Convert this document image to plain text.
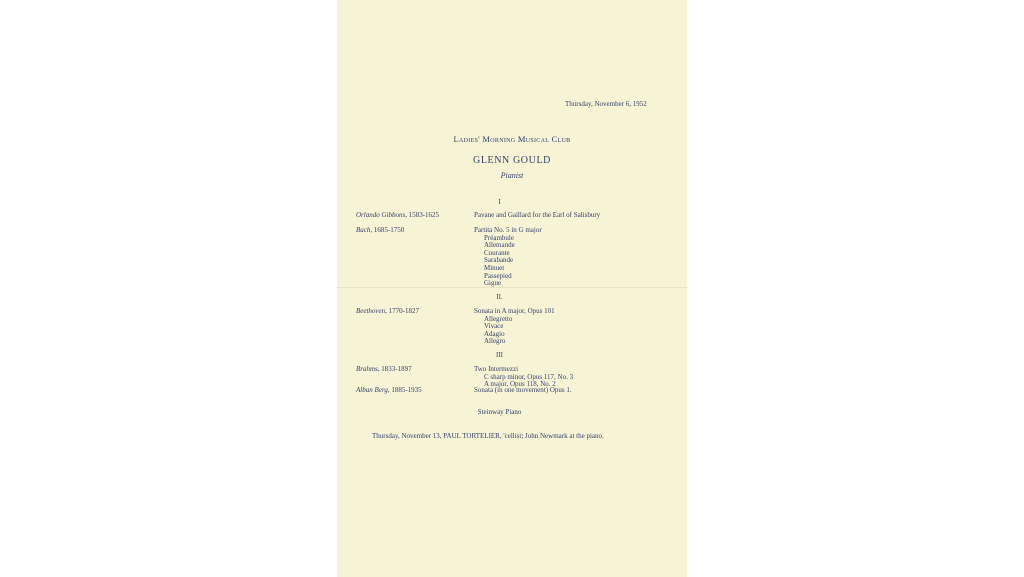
Thursday, November 6, 1952
Ladies' Morning Musical Club
GLENN GOULD
Pianist
I
Orlando Gibbons, 1583-1625	Pavane and Gaillard for the Earl of Salisbury
Bach, 1685-1750	Partita No. 5 in G major
Préambule
Allemande
Courante
Sarabande
Minuet
Passepied
Gigue
II.
Beethoven, 1770-1827	Sonata in A major, Opus 101
Allegretto
Vivace
Adagio
Allegro
III
Brahms, 1833-1897	Two Intermezzi
C sharp minor, Opus 117, No. 3
A major, Opus 118, No. 2
Alban Berg, 1885-1935	Sonata (in one movement) Opus 1.
Steinway Piano
Thursday, November 13, PAUL TORTELIER, 'cellist; John Newmark at the piano.
